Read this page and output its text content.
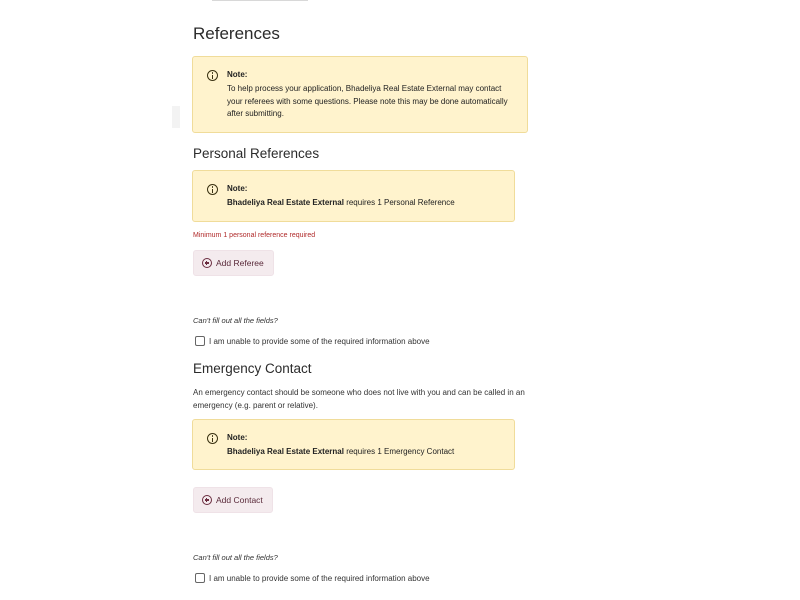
References
Note:
To help process your application, Bhadeliya Real Estate External may contact your referees with some questions. Please note this may be done automatically after submitting.
Personal References
Note:
Bhadeliya Real Estate External requires 1 Personal Reference
Minimum 1 personal reference required
Add Referee
Can't fill out all the fields?
I am unable to provide some of the required information above
Emergency Contact
An emergency contact should be someone who does not live with you and can be called in an emergency (e.g. parent or relative).
Note:
Bhadeliya Real Estate External requires 1 Emergency Contact
Add Contact
Can't fill out all the fields?
I am unable to provide some of the required information above
